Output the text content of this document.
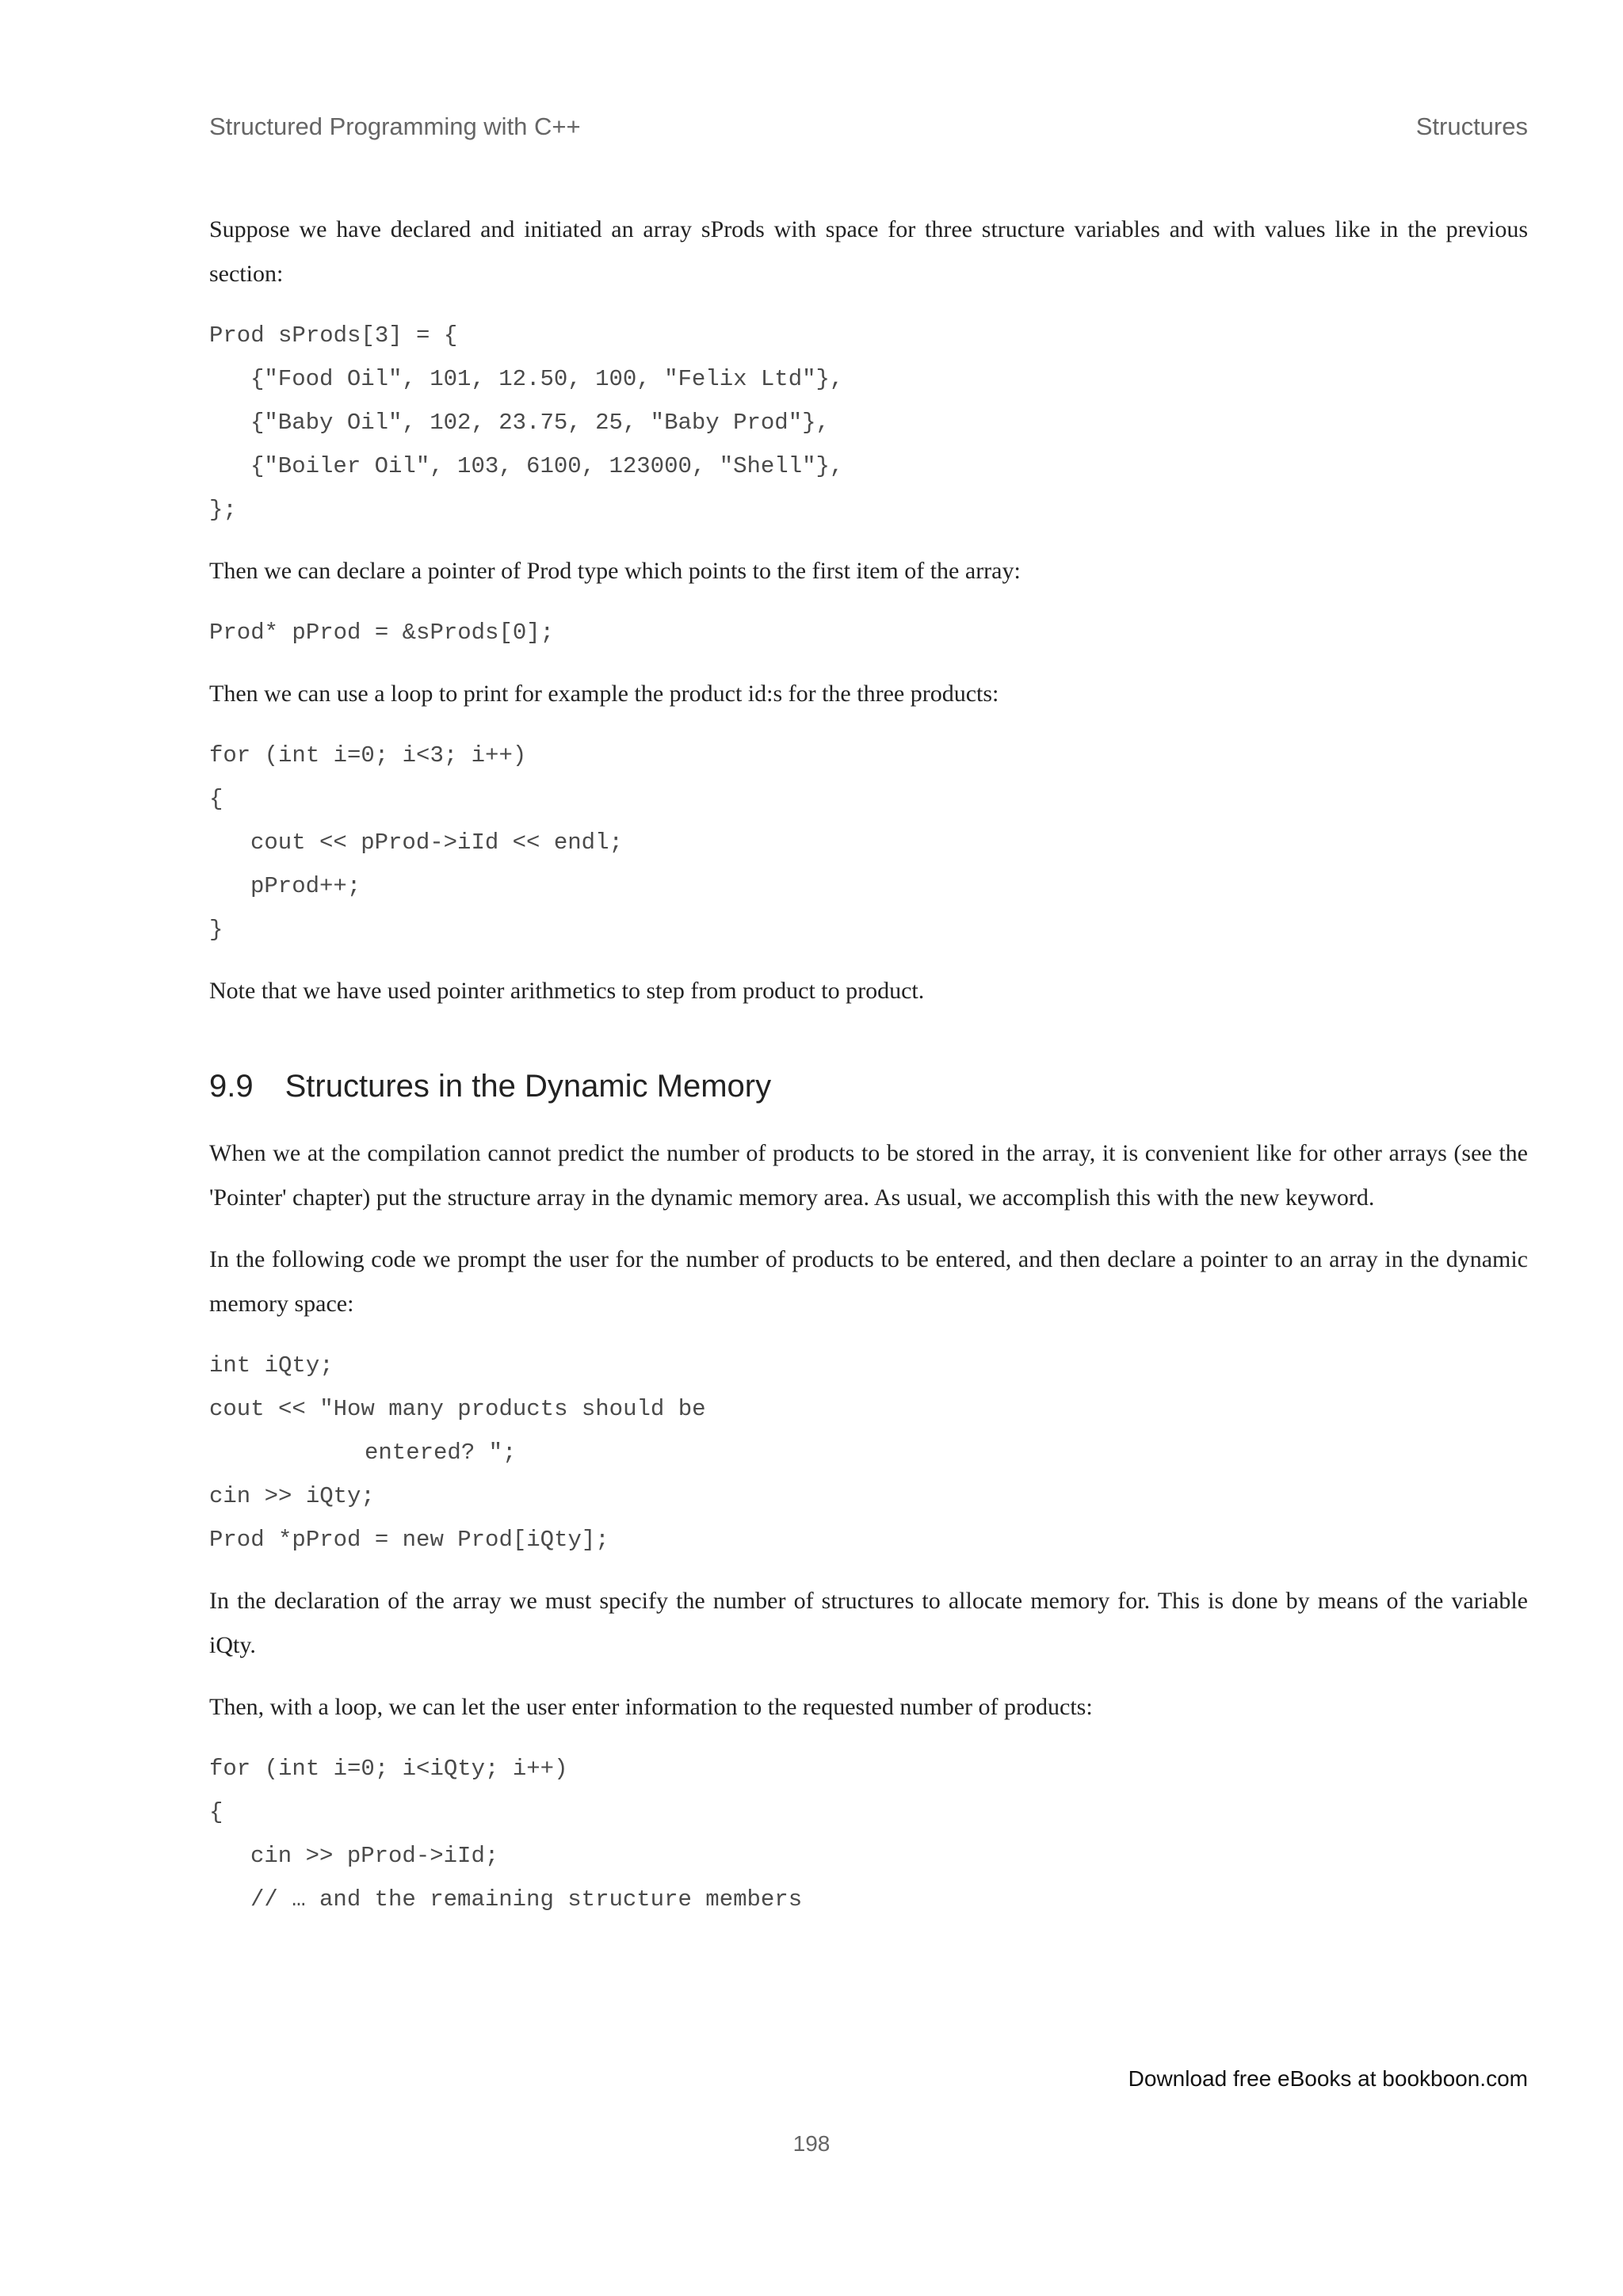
Structured Programming with C++	Structures

Suppose we have declared and initiated an array sProds with space for three structure variables and with values like in the previous section:

Prod sProds[3] = {
{"Food Oil", 101, 12.50, 100, "Felix Ltd"},
{"Baby Oil", 102, 23.75, 25, "Baby Prod"},
{"Boiler Oil", 103, 6100, 123000, "Shell"},
};

Then we can declare a pointer of Prod type which points to the first item of the array:

Prod* pProd = &sProds[0];

Then we can use a loop to print for example the product id:s for the three products:

for (int i=0; i<3; i++)
{
cout << pProd->iId << endl;
pProd++;
}

Note that we have used pointer arithmetics to step from product to product.

9.9 Structures in the Dynamic Memory

When we at the compilation cannot predict the number of products to be stored in the array, it is convenient like for other arrays (see the 'Pointer' chapter) put the structure array in the dynamic memory area. As usual, we accomplish this with the new keyword.

In the following code we prompt the user for the number of products to be entered, and then declare a pointer to an array in the dynamic memory space:

int iQty;
cout << "How many products should be
entered? ";
cin >> iQty;
Prod *pProd = new Prod[iQty];

In the declaration of the array we must specify the number of structures to allocate memory for. This is done by means of the variable iQty.

Then, with a loop, we can let the user enter information to the requested number of products:

for (int i=0; i<iQty; i++)
{
cin >> pProd->iId;
// … and the remaining structure members
Download free eBooks at bookboon.com
198
